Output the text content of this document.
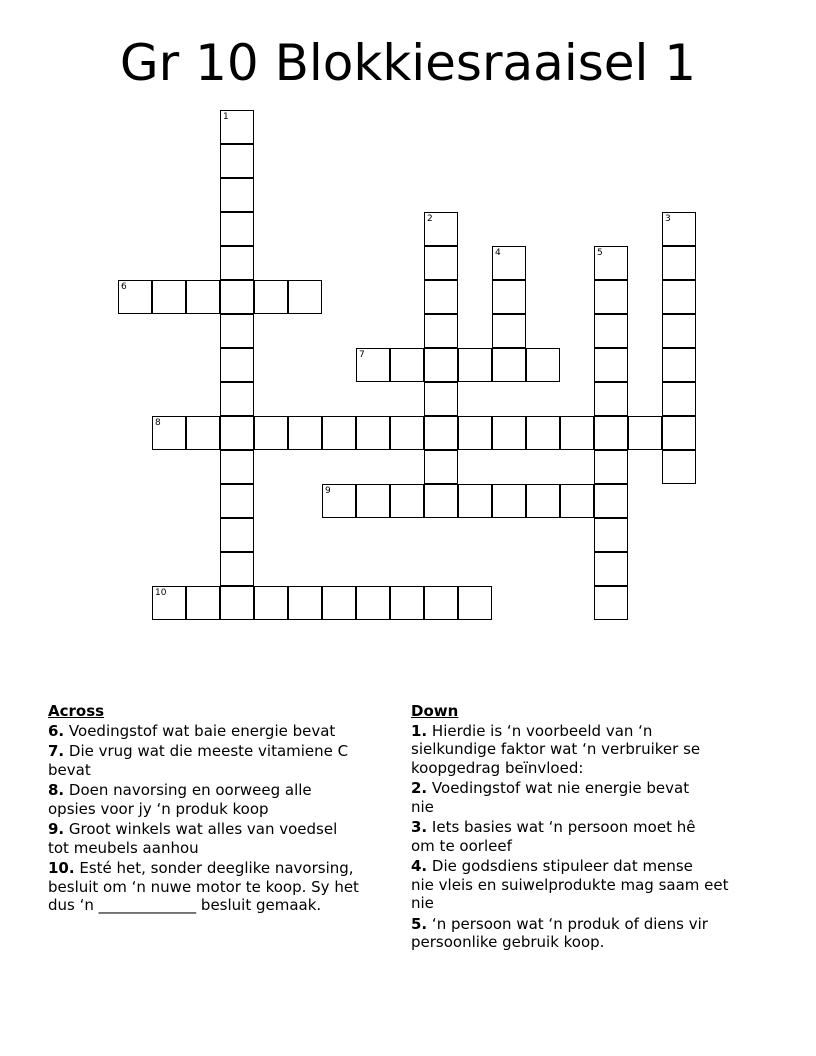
Gr 10 Blokkiesraaisel 1
1
2	3
4	5
6
7
8
9
10
Across
6. Voedingstof wat baie energie bevat
7. Die vrug wat die meeste vitamiene C
bevat
8. Doen navorsing en oorweeg alle
opsies voor jy ‘n produk koop
9. Groot winkels wat alles van voedsel
tot meubels aanhou
10. Esté het, sonder deeglike navorsing,
besluit om ‘n nuwe motor te koop. Sy het
dus ‘n _____________ besluit gemaak.
Down
1. Hierdie is ‘n voorbeeld van ‘n
sielkundige faktor wat ‘n verbruiker se
koopgedrag beïnvloed:
2. Voedingstof wat nie energie bevat
nie
3. Iets basies wat ‘n persoon moet hê
om te oorleef
4. Die godsdiens stipuleer dat mense
nie vleis en suiwelprodukte mag saam eet
nie
5. ‘n persoon wat ‘n produk of diens vir
persoonlike gebruik koop.
